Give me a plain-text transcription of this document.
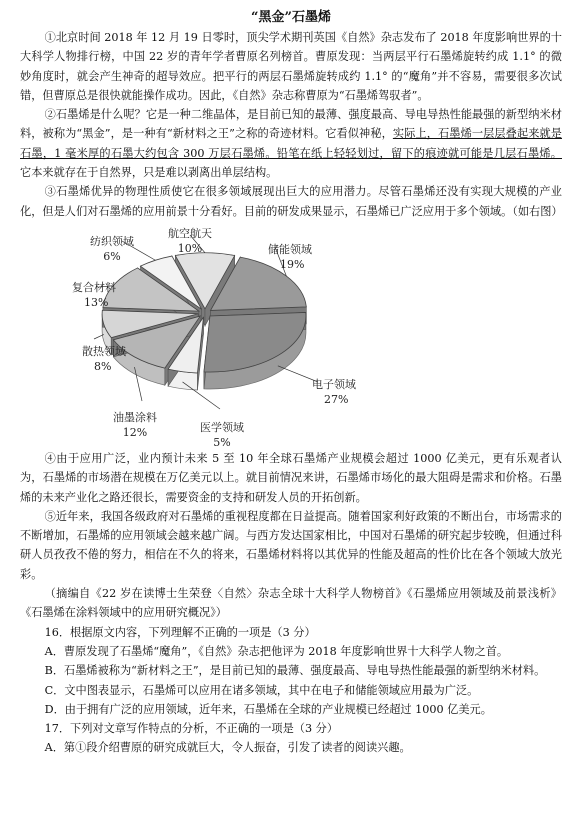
“黑金”石墨烯

①北京时间 2018 年 12 月 19 日零时，顶尖学术期刊英国《自然》杂志发布了 2018 年度影响世界的十大科学人物排行榜，中国 22 岁的青年学者曹原名列榜首。曹原发现：当两层平行石墨烯旋转约成 1.1° 的微妙角度时，就会产生神奇的超导效应。把平行的两层石墨烯旋转成约 1.1° 的“魔角”并不容易，需要很多次试错，但曹原总是很快就能操作成功。因此，《自然》杂志称曹原为“石墨烯驾驭者”。

②石墨烯是什么呢？它是一种二维晶体，是目前已知的最薄、强度最高、导电导热性能最强的新型纳米材料，被称为“黑金”，是一种有“新材料之王”之称的奇迹材料。它看似神秘，实际上，石墨烯一层层叠起来就是石墨，1 毫米厚的石墨大约包含 300 万层石墨烯。铅笔在纸上轻轻划过，留下的痕迹就可能是几层石墨烯。它本来就存在于自然界，只是难以剥离出单层结构。

③石墨烯优异的物理性质使它在很多领域展现出巨大的应用潜力。尽管石墨烯还没有实现大规模的产业化，但是人们对石墨烯的应用前景十分看好。目前的研发成果显示，石墨烯已广泛应用于多个领域。（如右图）

储能领域
19%
电子领域
27%
医学领域
5%
油墨涂料
12%
散热领域
8%
复合材料
13%
纺织领域
6%
航空航天
10%

④由于应用广泛，业内预计未来 5 至 10 年全球石墨烯产业规模会超过 1000 亿美元，更有乐观者认为，石墨烯的市场潜在规模在万亿美元以上。就目前情况来讲，石墨烯市场化的最大阻碍是需求和价格。石墨烯的未来产业化之路还很长，需要资金的支持和研发人员的开拓创新。

⑤近年来，我国各级政府对石墨烯的重视程度都在日益提高。随着国家利好政策的不断出台，市场需求的不断增加，石墨烯的应用领域会越来越广阔。与西方发达国家相比，中国对石墨烯的研究起步较晚，但通过科研人员孜孜不倦的努力，相信在不久的将来，石墨烯材料将以其优异的性能及超高的性价比在各个领域大放光彩。

（摘编自《22 岁在读博士生荣登〈自然〉杂志全球十大科学人物榜首》《石墨烯应用领域及前景浅析》《石墨烯在涂料领域中的应用研究概况》）

16．根据原文内容，下列理解不正确的一项是（3 分）

A．曹原发现了石墨烯“魔角”，《自然》杂志把他评为 2018 年度影响世界十大科学人物之首。

B．石墨烯被称为“新材料之王”，是目前已知的最薄、强度最高、导电导热性能最强的新型纳米材料。

C．文中图表显示，石墨烯可以应用在诸多领域，其中在电子和储能领域应用最为广泛。

D．由于拥有广泛的应用领域，近年来，石墨烯在全球的产业规模已经超过 1000 亿美元。

17．下列对文章写作特点的分析，不正确的一项是（3 分）

A．第①段介绍曹原的研究成就巨大，令人振奋，引发了读者的阅读兴趣。
